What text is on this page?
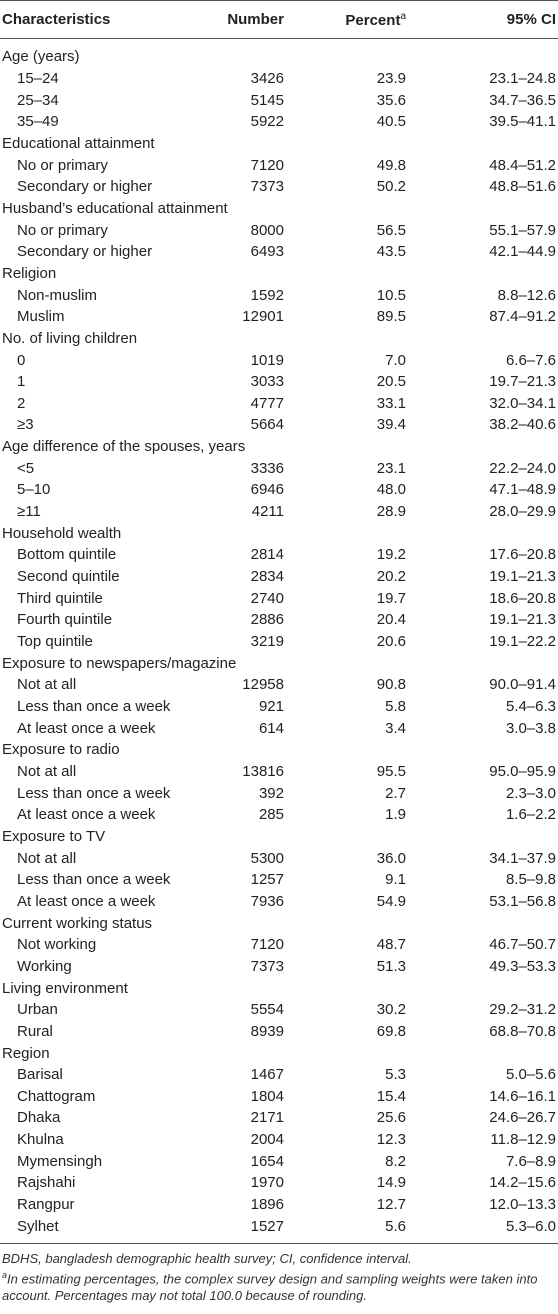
Characteristics	Number	Percent$^a$	95% CI
Age (years)
15–24	3426	23.9	23.1–24.8
25–34	5145	35.6	34.7–36.5
35–49	5922	40.5	39.5–41.1
Educational attainment
No or primary	7120	49.8	48.4–51.2
Secondary or higher	7373	50.2	48.8–51.6
Husband’s educational attainment
No or primary	8000	56.5	55.1–57.9
Secondary or higher	6493	43.5	42.1–44.9
Religion
Non-muslim	1592	10.5	8.8–12.6
Muslim	12901	89.5	87.4–91.2
No. of living children
0	1019	7.0	6.6–7.6
1	3033	20.5	19.7–21.3
2	4777	33.1	32.0–34.1
≥3	5664	39.4	38.2–40.6
Age difference of the spouses, years
<5	3336	23.1	22.2–24.0
5–10	6946	48.0	47.1–48.9
≥11	4211	28.9	28.0–29.9
Household wealth
Bottom quintile	2814	19.2	17.6–20.8
Second quintile	2834	20.2	19.1–21.3
Third quintile	2740	19.7	18.6–20.8
Fourth quintile	2886	20.4	19.1–21.3
Top quintile	3219	20.6	19.1–22.2
Exposure to newspapers/magazine
Not at all	12958	90.8	90.0–91.4
Less than once a week	921	5.8	5.4–6.3
At least once a week	614	3.4	3.0–3.8
Exposure to radio
Not at all	13816	95.5	95.0–95.9
Less than once a week	392	2.7	2.3–3.0
At least once a week	285	1.9	1.6–2.2
Exposure to TV
Not at all	5300	36.0	34.1–37.9
Less than once a week	1257	9.1	8.5–9.8
At least once a week	7936	54.9	53.1–56.8
Current working status
Not working	7120	48.7	46.7–50.7
Working	7373	51.3	49.3–53.3
Living environment
Urban	5554	30.2	29.2–31.2
Rural	8939	69.8	68.8–70.8
Region
Barisal	1467	5.3	5.0–5.6
Chattogram	1804	15.4	14.6–16.1
Dhaka	2171	25.6	24.6–26.7
Khulna	2004	12.3	11.8–12.9
Mymensingh	1654	8.2	7.6–8.9
Rajshahi	1970	14.9	14.2–15.6
Rangpur	1896	12.7	12.0–13.3
Sylhet	1527	5.6	5.3–6.0
BDHS, bangladesh demographic health survey; CI, confidence interval.
$^a$In estimating percentages, the complex survey design and sampling weights were taken into account. Percentages may not total 100.0 because of rounding.
